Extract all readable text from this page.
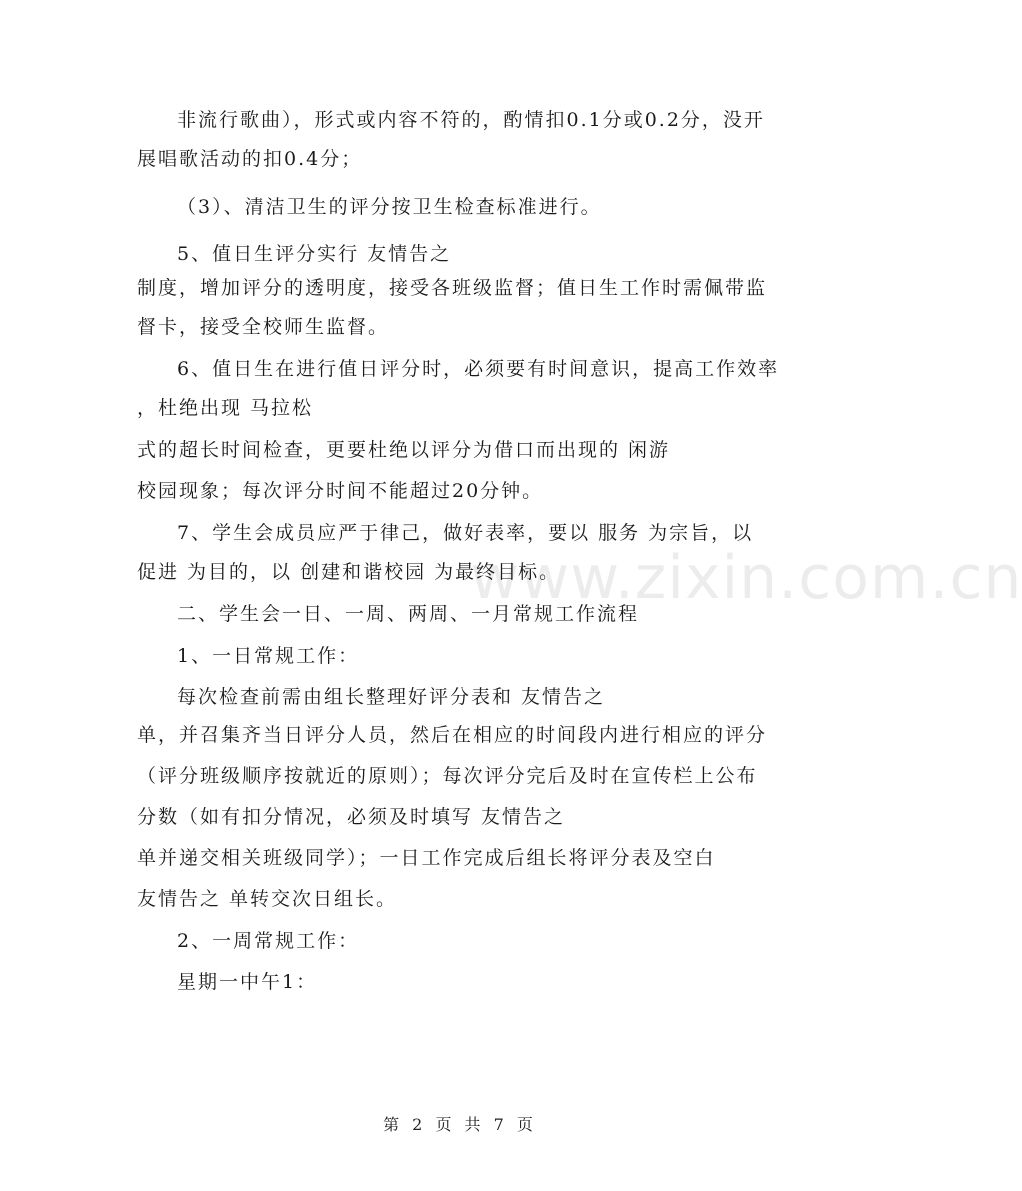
非流行歌曲），形式或内容不符的，酌情扣0.1分或0.2分，没开
展唱歌活动的扣0.4分；
（3）、清洁卫生的评分按卫生检查标准进行。
5、值日生评分实行 友情告之
制度，增加评分的透明度，接受各班级监督；值日生工作时需佩带监
督卡，接受全校师生监督。
6、值日生在进行值日评分时，必须要有时间意识，提高工作效率
，杜绝出现 马拉松
式的超长时间检查，更要杜绝以评分为借口而出现的 闲游
校园现象；每次评分时间不能超过20分钟。
7、学生会成员应严于律己，做好表率，要以 服务 为宗旨，以
促进 为目的，以 创建和谐校园 为最终目标。
二、学生会一日、一周、两周、一月常规工作流程
1、一日常规工作：
每次检查前需由组长整理好评分表和 友情告之
单，并召集齐当日评分人员，然后在相应的时间段内进行相应的评分
（评分班级顺序按就近的原则）；每次评分完后及时在宣传栏上公布
分数（如有扣分情况，必须及时填写 友情告之
单并递交相关班级同学）；一日工作完成后组长将评分表及空白
友情告之 单转交次日组长。
2、一周常规工作：
星期一中午1：
www.zixin.com.cn
第 2 页 共 7 页
